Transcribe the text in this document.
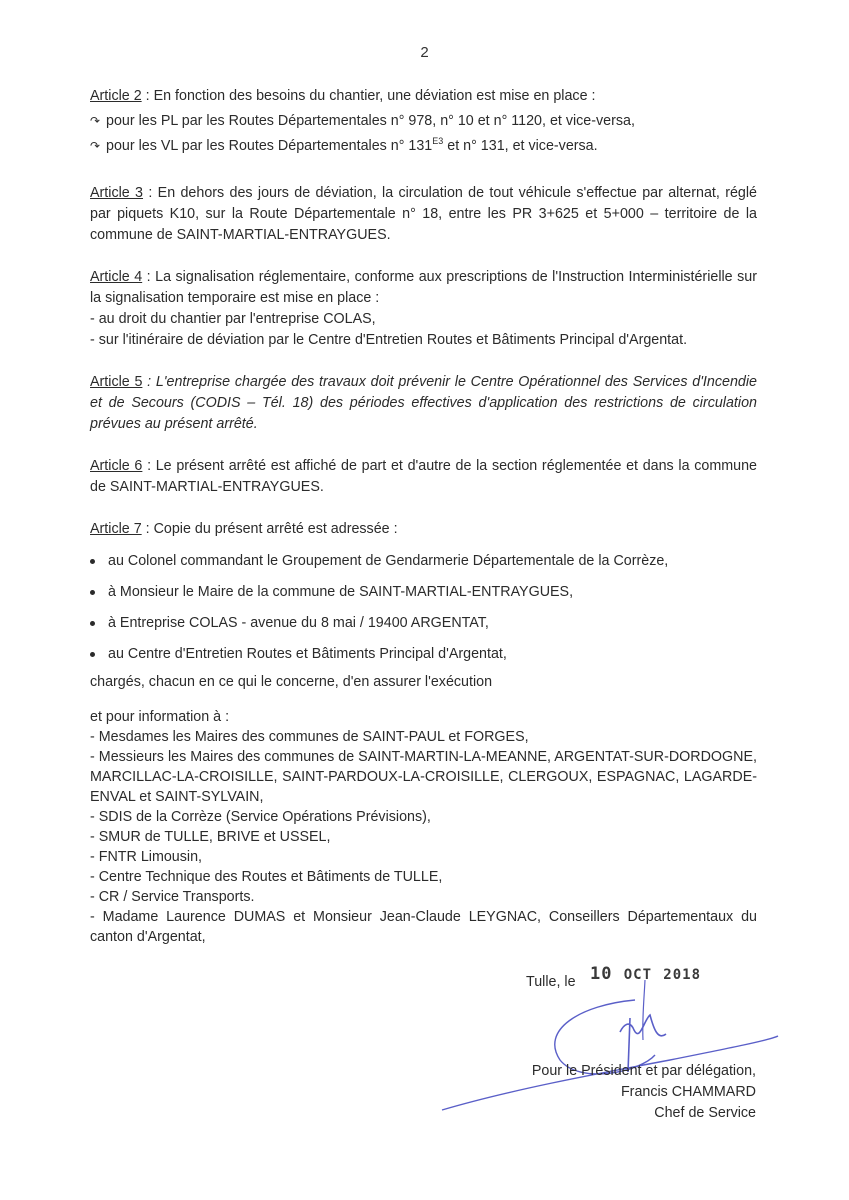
2
Article 2 : En fonction des besoins du chantier, une déviation est mise en place :
↷ pour les PL par les Routes Départementales n° 978, n° 10 et n° 1120, et vice-versa,
↷ pour les VL par les Routes Départementales n° $131^{E3}$ et n° 131, et vice-versa.
Article 3 : En dehors des jours de déviation, la circulation de tout véhicule s'effectue par alternat, réglé par piquets K10, sur la Route Départementale n° 18, entre les PR 3+625 et 5+000 – territoire de la commune de SAINT-MARTIAL-ENTRAYGUES.
Article 4 : La signalisation réglementaire, conforme aux prescriptions de l'Instruction Interministérielle sur la signalisation temporaire est mise en place :
- au droit du chantier par l'entreprise COLAS,
- sur l'itinéraire de déviation par le Centre d'Entretien Routes et Bâtiments Principal d'Argentat.
Article 5 : L'entreprise chargée des travaux doit prévenir le Centre Opérationnel des Services d'Incendie et de Secours (CODIS – Tél. 18) des périodes effectives d'application des restrictions de circulation prévues au présent arrêté.
Article 6 : Le présent arrêté est affiché de part et d'autre de la section réglementée et dans la commune de SAINT-MARTIAL-ENTRAYGUES.
Article 7 : Copie du présent arrêté est adressée :
au Colonel commandant le Groupement de Gendarmerie Départementale de la Corrèze,
à Monsieur le Maire de la commune de SAINT-MARTIAL-ENTRAYGUES,
à Entreprise COLAS - avenue du 8 mai / 19400 ARGENTAT,
au Centre d'Entretien Routes et Bâtiments Principal d'Argentat,
chargés, chacun en ce qui le concerne, d'en assurer l'exécution
et pour information à :
- Mesdames les Maires des communes de SAINT-PAUL et FORGES,
- Messieurs les Maires des communes de SAINT-MARTIN-LA-MEANNE, ARGENTAT-SUR-DORDOGNE, MARCILLAC-LA-CROISILLE, SAINT-PARDOUX-LA-CROISILLE, CLERGOUX, ESPAGNAC, LAGARDE-ENVAL et SAINT-SYLVAIN,
- SDIS de la Corrèze (Service Opérations Prévisions),
- SMUR de TULLE, BRIVE et USSEL,
- FNTR Limousin,
- Centre Technique des Routes et Bâtiments de TULLE,
- CR / Service Transports.
- Madame Laurence DUMAS et Monsieur Jean-Claude LEYGNAC, Conseillers Départementaux du canton d'Argentat,
Tulle, le 10 OCT 2018
Pour le Président et par délégation,
Francis CHAMMARD
Chef de Service
